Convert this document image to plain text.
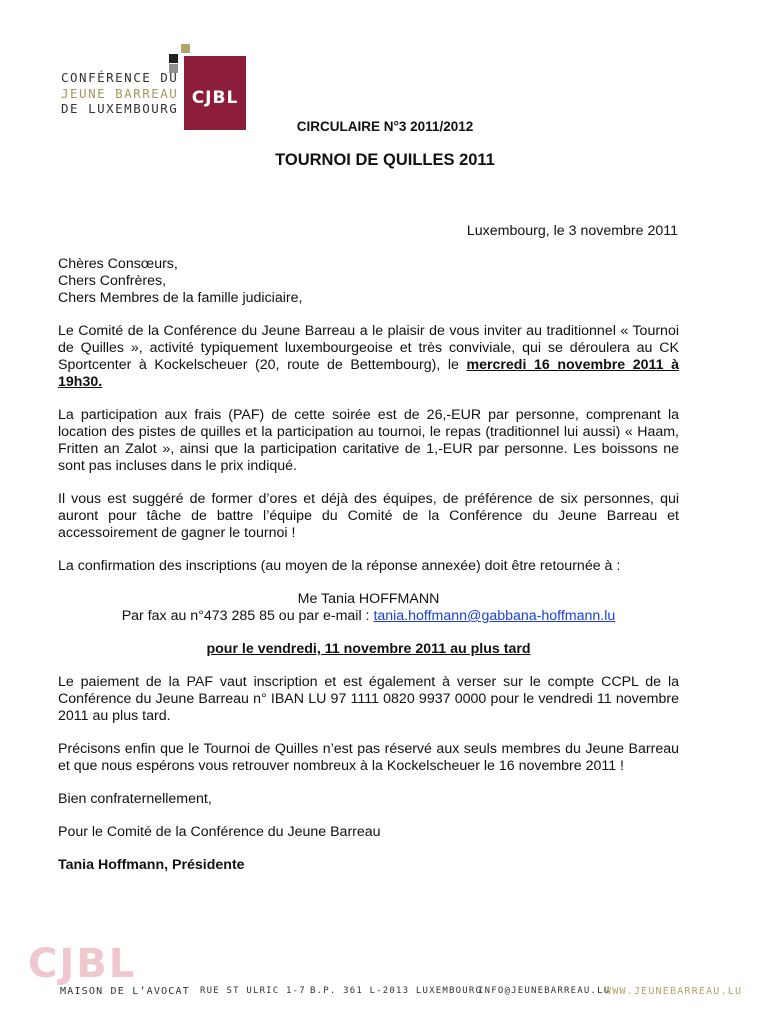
CJBL
CONFÉRENCE DU
JEUNE BARREAU
DE LUXEMBOURG
CIRCULAIRE N°3 2011/2012
TOURNOI DE QUILLES 2011
Luxembourg, le 3 novembre 2011

Chères Consœurs,

Chers Confrères,

Chers Membres de la famille judiciaire,

Le Comité de la Conférence du Jeune Barreau a le plaisir de vous inviter au traditionnel « Tournoi de Quilles », activité typiquement luxembourgeoise et très conviviale, qui se déroulera au CK Sportcenter à Kockelscheuer (20, route de Bettembourg), le mercredi 16 novembre 2011 à 19h30.

La participation aux frais (PAF) de cette soirée est de 26,-EUR par personne, comprenant la location des pistes de quilles et la participation au tournoi, le repas (traditionnel lui aussi) « Haam, Fritten an Zalot », ainsi que la participation caritative de 1,-EUR par personne. Les boissons ne sont pas incluses dans le prix indiqué.

Il vous est suggéré de former d’ores et déjà des équipes, de préférence de six personnes, qui auront pour tâche de battre l’équipe du Comité de la Conférence du Jeune Barreau et accessoirement de gagner le tournoi !

La confirmation des inscriptions (au moyen de la réponse annexée) doit être retournée à :

Me Tania HOFFMANN
Par fax au n°473 285 85 ou par e-mail : tania.hoffmann@gabbana-hoffmann.lu

pour le vendredi, 11 novembre 2011 au plus tard

Le paiement de la PAF vaut inscription et est également à verser sur le compte CCPL de la Conférence du Jeune Barreau n° IBAN LU 97 1111 0820 9937 0000 pour le vendredi 11 novembre 2011 au plus tard.

Précisons enfin que le Tournoi de Quilles n’est pas réservé aux seuls membres du Jeune Barreau et que nous espérons vous retrouver nombreux à la Kockelscheuer le 16 novembre 2011 !

Bien confraternellement,

Pour le Comité de la Conférence du Jeune Barreau

Tania Hoffmann, Présidente

CJBL
MAISON DE L’AVOCAT RUE ST ULRIC 1-7 B.P. 361 L-2013 LUXEMBOURG
INFO@JEUNEBARREAU.LU
WWW.JEUNEBARREAU.LU
